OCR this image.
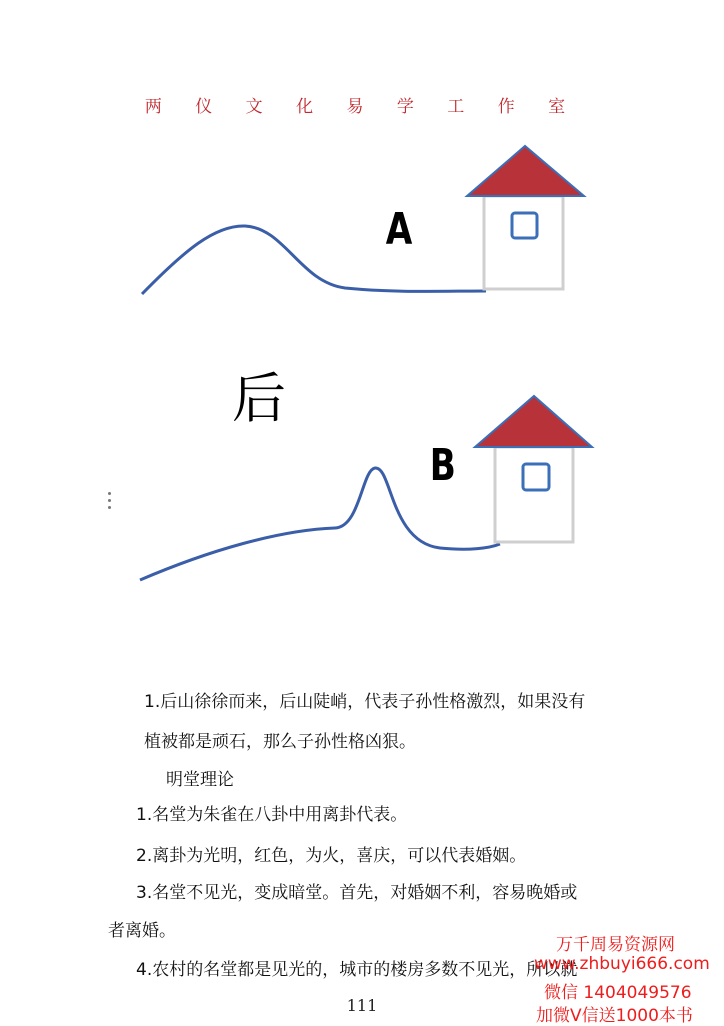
两 仪 文 化 易 学 工 作 室
A
后
B
1.后山徐徐而来，后山陡峭，代表子孙性格激烈，如果没有
植被都是顽石，那么子孙性格凶狠。
明堂理论
1.名堂为朱雀在八卦中用离卦代表。
2.离卦为光明，红色，为火，喜庆，可以代表婚姻。
3.名堂不见光，变成暗堂。首先，对婚姻不利，容易晚婚或
者离婚。
4.农村的名堂都是见光的，城市的楼房多数不见光，所以就
111
万千周易资源网
www.zhbuyi666.com
微信 1404049576
加微V信送1000本书
